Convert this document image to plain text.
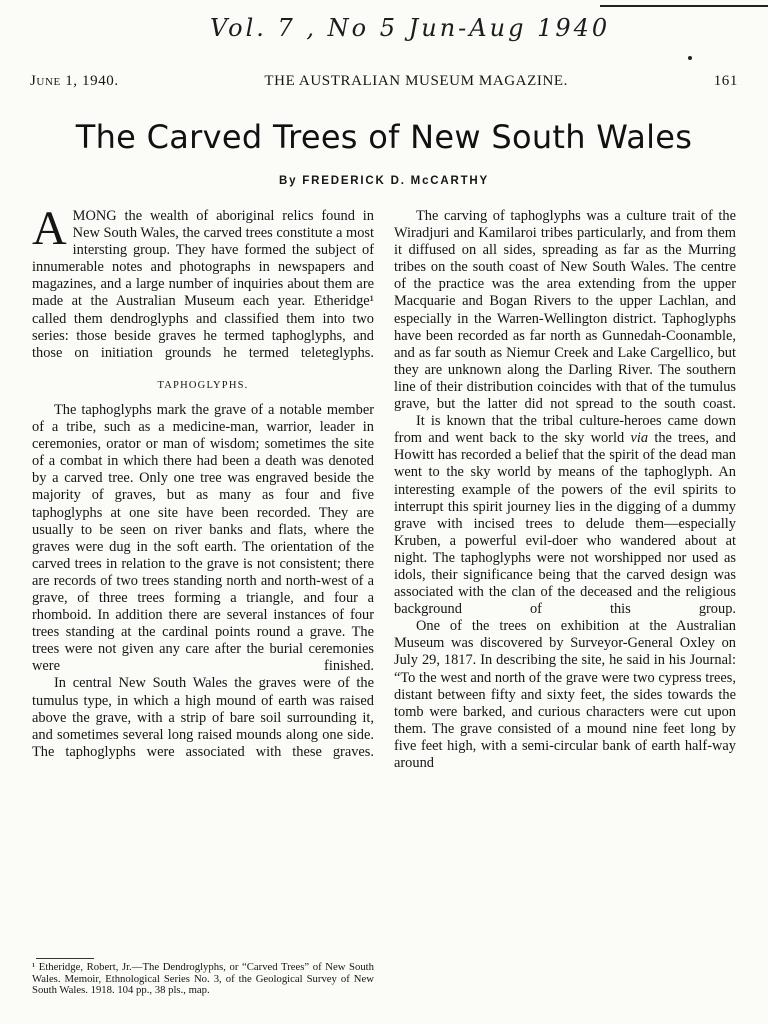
Vol. 7 , No 5 Jun-Aug 1940
June 1, 1940.	THE AUSTRALIAN MUSEUM MAGAZINE.	161
The Carved Trees of New South Wales
By FREDERICK D. McCARTHY

AMONG the wealth of aboriginal relics found in New South Wales, the carved trees constitute a most intersting group. They have formed the subject of innumerable notes and photographs in newspapers and magazines, and a large number of inquiries about them are made at the Australian Museum each year. Etheridge¹ called them dendroglyphs and classified them into two series: those beside graves he termed taphoglyphs, and those on initiation grounds he termed teleteglyphs.

TAPHOGLYPHS.

The taphoglyphs mark the grave of a notable member of a tribe, such as a medicine-man, warrior, leader in ceremonies, orator or man of wisdom; sometimes the site of a combat in which there had been a death was denoted by a carved tree. Only one tree was engraved beside the majority of graves, but as many as four and five taphoglyphs at one site have been recorded. They are usually to be seen on river banks and flats, where the graves were dug in the soft earth. The orientation of the carved trees in relation to the grave is not consistent; there are records of two trees standing north and north-west of a grave, of three trees forming a triangle, and four a rhomboid. In addition there are several instances of four trees standing at the cardinal points round a grave. The trees were not given any care after the burial ceremonies were finished.

In central New South Wales the graves were of the tumulus type, in which a high mound of earth was raised above the grave, with a strip of bare soil surrounding it, and sometimes several long raised mounds along one side. The taphoglyphs were associated with these graves.

The carving of taphoglyphs was a culture trait of the Wiradjuri and Kamilaroi tribes particularly, and from them it diffused on all sides, spreading as far as the Murring tribes on the south coast of New South Wales. The centre of the practice was the area extending from the upper Macquarie and Bogan Rivers to the upper Lachlan, and especially in the Warren-Wellington district. Taphoglyphs have been recorded as far north as Gunnedah-Coonamble, and as far south as Niemur Creek and Lake Cargellico, but they are unknown along the Darling River. The southern line of their distribution coincides with that of the tumulus grave, but the latter did not spread to the south coast.

It is known that the tribal culture-heroes came down from and went back to the sky world via the trees, and Howitt has recorded a belief that the spirit of the dead man went to the sky world by means of the taphoglyph. An interesting example of the powers of the evil spirits to interrupt this spirit journey lies in the digging of a dummy grave with incised trees to delude them—especially Kruben, a powerful evil-doer who wandered about at night. The taphoglyphs were not worshipped nor used as idols, their significance being that the carved design was associated with the clan of the deceased and the religious background of this group.

One of the trees on exhibition at the Australian Museum was discovered by Surveyor-General Oxley on July 29, 1817. In describing the site, he said in his Journal: “To the west and north of the grave were two cypress trees, distant between fifty and sixty feet, the sides towards the tomb were barked, and curious characters were cut upon them. The grave consisted of a mound nine feet long by five feet high, with a semi-circular bank of earth half-way around

¹ Etheridge, Robert, Jr.—The Dendroglyphs, or “Carved Trees” of New South Wales. Memoir, Ethnological Series No. 3, of the Geological Survey of New South Wales. 1918. 104 pp., 38 pls., map.
